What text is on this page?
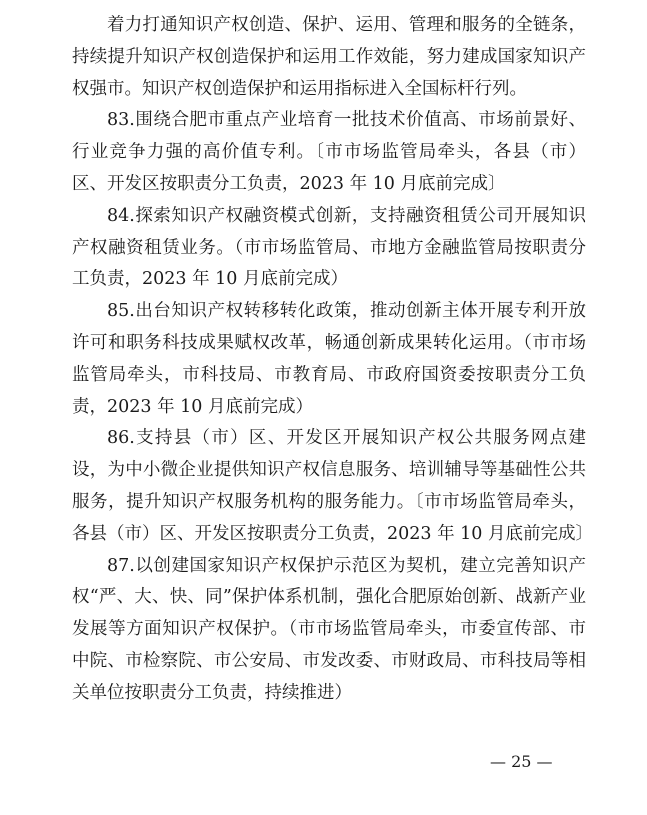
着力打通知识产权创造、保护、运用、管理和服务的全链条，持续提升知识产权创造保护和运用工作效能，努力建成国家知识产权强市。知识产权创造保护和运用指标进入全国标杆行列。

83.围绕合肥市重点产业培育一批技术价值高、市场前景好、行业竞争力强的高价值专利。〔市市场监管局牵头，各县（市）区、开发区按职责分工负责，2023 年 10 月底前完成〕

84.探索知识产权融资模式创新，支持融资租赁公司开展知识产权融资租赁业务。（市市场监管局、市地方金融监管局按职责分工负责，2023 年 10 月底前完成）

85.出台知识产权转移转化政策，推动创新主体开展专利开放许可和职务科技成果赋权改革，畅通创新成果转化运用。（市市场监管局牵头，市科技局、市教育局、市政府国资委按职责分工负责，2023 年 10 月底前完成）

86.支持县（市）区、开发区开展知识产权公共服务网点建设，为中小微企业提供知识产权信息服务、培训辅导等基础性公共服务，提升知识产权服务机构的服务能力。〔市市场监管局牵头，各县（市）区、开发区按职责分工负责，2023 年 10 月底前完成〕

87.以创建国家知识产权保护示范区为契机，建立完善知识产权“严、大、快、同”保护体系机制，强化合肥原始创新、战新产业发展等方面知识产权保护。（市市场监管局牵头，市委宣传部、市中院、市检察院、市公安局、市发改委、市财政局、市科技局等相关单位按职责分工负责，持续推进）

— 25 —
